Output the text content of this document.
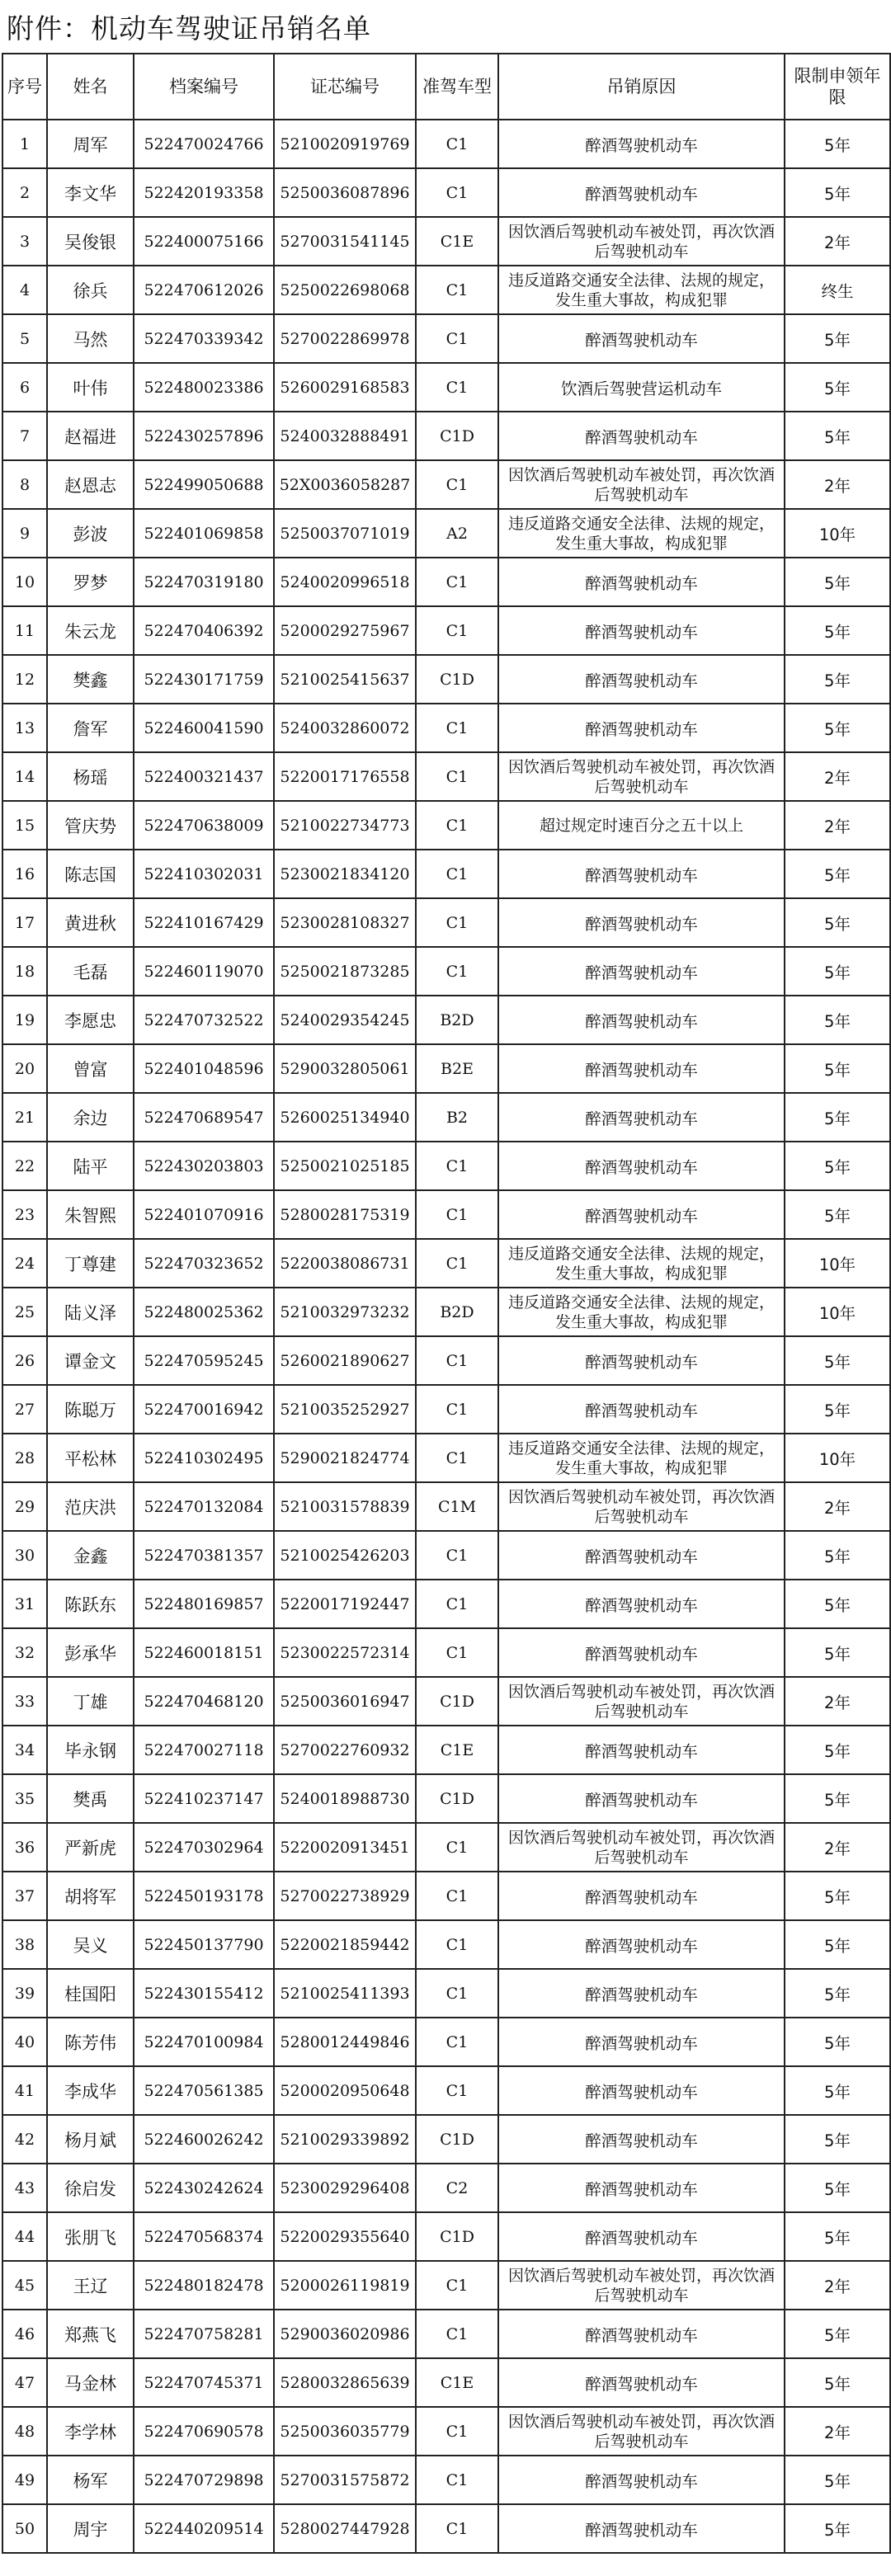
附件：机动车驾驶证吊销名单
序号	姓名	档案编号	证芯编号	准驾车型	吊销原因	限制申领年限
1	周军	522470024766	5210020919769	C1	醉酒驾驶机动车	5年
2	李文华	522420193358	5250036087896	C1	醉酒驾驶机动车	5年
3	吴俊银	522400075166	5270031541145	C1E	因饮酒后驾驶机动车被处罚，再次饮酒后驾驶机动车	2年
4	徐兵	522470612026	5250022698068	C1	违反道路交通安全法律、法规的规定，发生重大事故，构成犯罪	终生
5	马然	522470339342	5270022869978	C1	醉酒驾驶机动车	5年
6	叶伟	522480023386	5260029168583	C1	饮酒后驾驶营运机动车	5年
7	赵福进	522430257896	5240032888491	C1D	醉酒驾驶机动车	5年
8	赵恩志	522499050688	52X0036058287	C1	因饮酒后驾驶机动车被处罚，再次饮酒后驾驶机动车	2年
9	彭波	522401069858	5250037071019	A2	违反道路交通安全法律、法规的规定，发生重大事故，构成犯罪	10年
10	罗梦	522470319180	5240020996518	C1	醉酒驾驶机动车	5年
11	朱云龙	522470406392	5200029275967	C1	醉酒驾驶机动车	5年
12	樊鑫	522430171759	5210025415637	C1D	醉酒驾驶机动车	5年
13	詹军	522460041590	5240032860072	C1	醉酒驾驶机动车	5年
14	杨瑶	522400321437	5220017176558	C1	因饮酒后驾驶机动车被处罚，再次饮酒后驾驶机动车	2年
15	管庆势	522470638009	5210022734773	C1	超过规定时速百分之五十以上	2年
16	陈志国	522410302031	5230021834120	C1	醉酒驾驶机动车	5年
17	黄进秋	522410167429	5230028108327	C1	醉酒驾驶机动车	5年
18	毛磊	522460119070	5250021873285	C1	醉酒驾驶机动车	5年
19	李愿忠	522470732522	5240029354245	B2D	醉酒驾驶机动车	5年
20	曾富	522401048596	5290032805061	B2E	醉酒驾驶机动车	5年
21	余边	522470689547	5260025134940	B2	醉酒驾驶机动车	5年
22	陆平	522430203803	5250021025185	C1	醉酒驾驶机动车	5年
23	朱智熙	522401070916	5280028175319	C1	醉酒驾驶机动车	5年
24	丁尊建	522470323652	5220038086731	C1	违反道路交通安全法律、法规的规定，发生重大事故，构成犯罪	10年
25	陆义泽	522480025362	5210032973232	B2D	违反道路交通安全法律、法规的规定，发生重大事故，构成犯罪	10年
26	谭金文	522470595245	5260021890627	C1	醉酒驾驶机动车	5年
27	陈聪万	522470016942	5210035252927	C1	醉酒驾驶机动车	5年
28	平松林	522410302495	5290021824774	C1	违反道路交通安全法律、法规的规定，发生重大事故，构成犯罪	10年
29	范庆洪	522470132084	5210031578839	C1M	因饮酒后驾驶机动车被处罚，再次饮酒后驾驶机动车	2年
30	金鑫	522470381357	5210025426203	C1	醉酒驾驶机动车	5年
31	陈跃东	522480169857	5220017192447	C1	醉酒驾驶机动车	5年
32	彭承华	522460018151	5230022572314	C1	醉酒驾驶机动车	5年
33	丁雄	522470468120	5250036016947	C1D	因饮酒后驾驶机动车被处罚，再次饮酒后驾驶机动车	2年
34	毕永钢	522470027118	5270022760932	C1E	醉酒驾驶机动车	5年
35	樊禹	522410237147	5240018988730	C1D	醉酒驾驶机动车	5年
36	严新虎	522470302964	5220020913451	C1	因饮酒后驾驶机动车被处罚，再次饮酒后驾驶机动车	2年
37	胡将军	522450193178	5270022738929	C1	醉酒驾驶机动车	5年
38	吴义	522450137790	5220021859442	C1	醉酒驾驶机动车	5年
39	桂国阳	522430155412	5210025411393	C1	醉酒驾驶机动车	5年
40	陈芳伟	522470100984	5280012449846	C1	醉酒驾驶机动车	5年
41	李成华	522470561385	5200020950648	C1	醉酒驾驶机动车	5年
42	杨月斌	522460026242	5210029339892	C1D	醉酒驾驶机动车	5年
43	徐启发	522430242624	5230029296408	C2	醉酒驾驶机动车	5年
44	张朋飞	522470568374	5220029355640	C1D	醉酒驾驶机动车	5年
45	王辽	522480182478	5200026119819	C1	因饮酒后驾驶机动车被处罚，再次饮酒后驾驶机动车	2年
46	郑燕飞	522470758281	5290036020986	C1	醉酒驾驶机动车	5年
47	马金林	522470745371	5280032865639	C1E	醉酒驾驶机动车	5年
48	李学林	522470690578	5250036035779	C1	因饮酒后驾驶机动车被处罚，再次饮酒后驾驶机动车	2年
49	杨军	522470729898	5270031575872	C1	醉酒驾驶机动车	5年
50	周宇	522440209514	5280027447928	C1	醉酒驾驶机动车	5年
